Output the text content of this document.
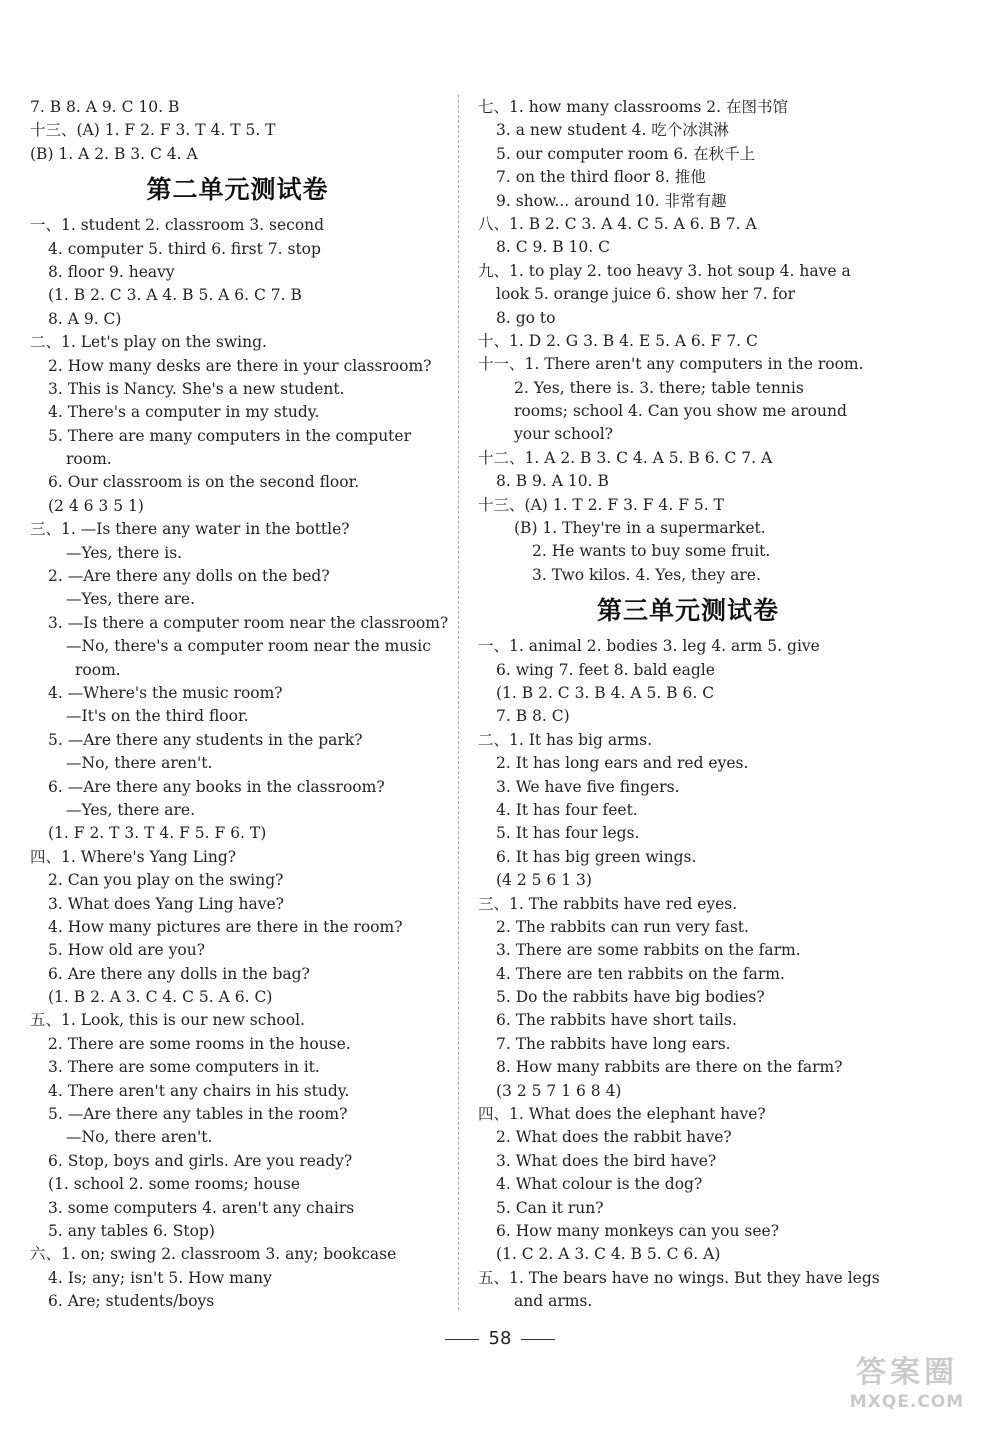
7. B 8. A 9. C 10. B
十三、(A) 1. F 2. F 3. T 4. T 5. T
(B) 1. A 2. B 3. C 4. A
第二单元测试卷
一、1. student 2. classroom 3. second
4. computer 5. third 6. first 7. stop
8. floor 9. heavy
(1. B 2. C 3. A 4. B 5. A 6. C 7. B
8. A 9. C)
二、1. Let's play on the swing.
2. How many desks are there in your classroom?
3. This is Nancy. She's a new student.
4. There's a computer in my study.
5. There are many computers in the computer
room.
6. Our classroom is on the second floor.
(2 4 6 3 5 1)
三、1. —Is there any water in the bottle?
—Yes, there is.
2. —Are there any dolls on the bed?
—Yes, there are.
3. —Is there a computer room near the classroom?
—No, there's a computer room near the music
room.
4. —Where's the music room?
—It's on the third floor.
5. —Are there any students in the park?
—No, there aren't.
6. —Are there any books in the classroom?
—Yes, there are.
(1. F 2. T 3. T 4. F 5. F 6. T)
四、1. Where's Yang Ling?
2. Can you play on the swing?
3. What does Yang Ling have?
4. How many pictures are there in the room?
5. How old are you?
6. Are there any dolls in the bag?
(1. B 2. A 3. C 4. C 5. A 6. C)
五、1. Look, this is our new school.
2. There are some rooms in the house.
3. There are some computers in it.
4. There aren't any chairs in his study.
5. —Are there any tables in the room?
—No, there aren't.
6. Stop, boys and girls. Are you ready?
(1. school 2. some rooms; house
3. some computers 4. aren't any chairs
5. any tables 6. Stop)
六、1. on; swing 2. classroom 3. any; bookcase
4. Is; any; isn't 5. How many
6. Are; students/boys
七、1. how many classrooms 2. 在图书馆
3. a new student 4. 吃个冰淇淋
5. our computer room 6. 在秋千上
7. on the third floor 8. 推他
9. show... around 10. 非常有趣
八、1. B 2. C 3. A 4. C 5. A 6. B 7. A
8. C 9. B 10. C
九、1. to play 2. too heavy 3. hot soup 4. have a
look 5. orange juice 6. show her 7. for
8. go to
十、1. D 2. G 3. B 4. E 5. A 6. F 7. C
十一、1. There aren't any computers in the room.
2. Yes, there is. 3. there; table tennis
rooms; school 4. Can you show me around
your school?
十二、1. A 2. B 3. C 4. A 5. B 6. C 7. A
8. B 9. A 10. B
十三、(A) 1. T 2. F 3. F 4. F 5. T
(B) 1. They're in a supermarket.
2. He wants to buy some fruit.
3. Two kilos. 4. Yes, they are.
第三单元测试卷
一、1. animal 2. bodies 3. leg 4. arm 5. give
6. wing 7. feet 8. bald eagle
(1. B 2. C 3. B 4. A 5. B 6. C
7. B 8. C)
二、1. It has big arms.
2. It has long ears and red eyes.
3. We have five fingers.
4. It has four feet.
5. It has four legs.
6. It has big green wings.
(4 2 5 6 1 3)
三、1. The rabbits have red eyes.
2. The rabbits can run very fast.
3. There are some rabbits on the farm.
4. There are ten rabbits on the farm.
5. Do the rabbits have big bodies?
6. The rabbits have short tails.
7. The rabbits have long ears.
8. How many rabbits are there on the farm?
(3 2 5 7 1 6 8 4)
四、1. What does the elephant have?
2. What does the rabbit have?
3. What does the bird have?
4. What colour is the dog?
5. Can it run?
6. How many monkeys can you see?
(1. C 2. A 3. C 4. B 5. C 6. A)
五、1. The bears have no wings. But they have legs
and arms.
58
答案圈
MXQE.COM
